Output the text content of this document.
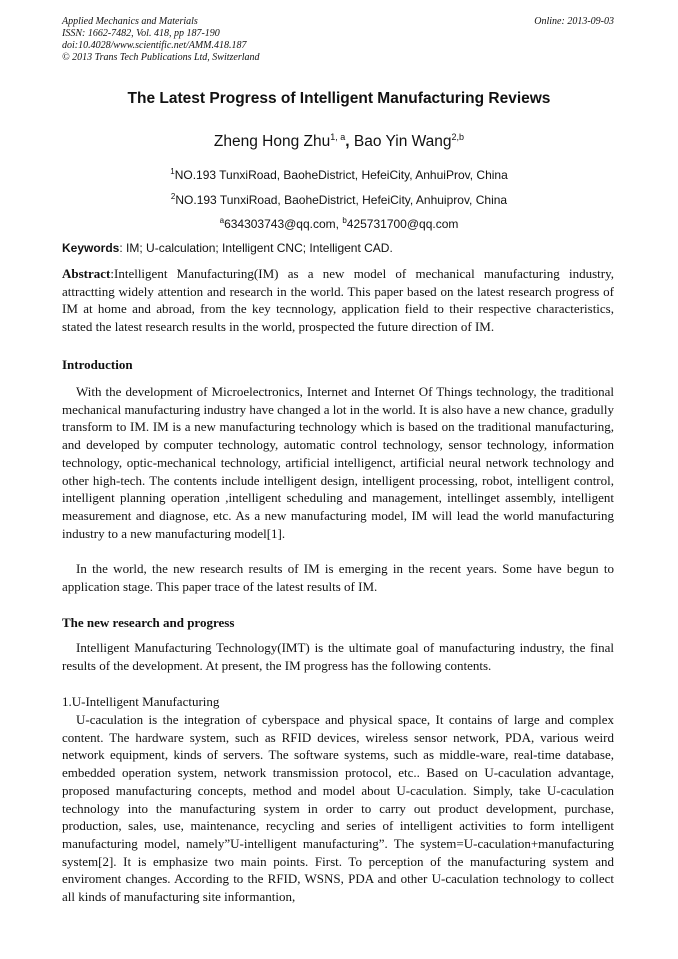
Applied Mechanics and Materials
ISSN: 1662-7482, Vol. 418, pp 187-190
doi:10.4028/www.scientific.net/AMM.418.187
© 2013 Trans Tech Publications Ltd, Switzerland
Online: 2013-09-03
The Latest Progress of Intelligent Manufacturing Reviews
Zheng Hong Zhu$^{1, a}$, Bao Yin Wang$^{2,b}$
$^1$NO.193 TunxiRoad, BaoheDistrict, HefeiCity, AnhuiProv, China
$^2$NO.193 TunxiRoad, BaoheDistrict, HefeiCity, Anhuiprov, China
$^a$634303743@qq.com, $^b$425731700@qq.com
Keywords: IM; U-calculation; Intelligent CNC; Intelligent CAD.
Abstract:Intelligent Manufacturing(IM) as a new model of mechanical manufacturing industry, attractting widely attention and research in the world. This paper based on the latest research progress of IM at home and abroad, from the key tecnnology, application field to their respective characteristics, stated the latest research results in the world, prospected the future direction of IM.
Introduction
With the development of Microelectronics, Internet and Internet Of Things technology, the traditional mechanical manufacturing industry have changed a lot in the world. It is also have a new chance, gradully transform to IM. IM is a new manufacturing technology which is based on the traditional manufacturing, and developed by computer technology, automatic control technology, sensor technology, information technology, optic-mechanical technology, artificial intelligenct, artificial neural network technology and other high-tech. The contents include intelligent design, intelligent processing, robot, intelligent control, intelligent planning operation ,intelligent scheduling and management, intellinget assembly, intelligent measurement and diagnose, etc. As a new manufacturing model, IM will lead the world manufacturing industry to a new manufacturing model[1].
In the world, the new research results of IM is emerging in the recent years. Some have begun to application stage. This paper trace of the latest results of IM.
The new research and progress
Intelligent Manufacturing Technology(IMT) is the ultimate goal of manufacturing industry, the final results of the development. At present, the IM progress has the following contents.
1.U-Intelligent Manufacturing
U-caculation is the integration of cyberspace and physical space, It contains of large and complex content. The hardware system, such as RFID devices, wireless sensor network, PDA, various weird network equipment, kinds of servers. The software systems, such as middle-ware, real-time database, embedded operation system, network transmission protocol, etc.. Based on U-caculation advantage, proposed manufacturing concepts, method and model about U-caculation. Simply, take U-caculation technology into the manufacturing system in order to carry out product development, purchase, production, sales, use, maintenance, recycling and series of intelligent activities to form intelligent manufacturing model, namely”U-intelligent manufacturing”. The system=U-caculation+manufacturing system[2]. It is emphasize two main points. First. To perception of the manufacturing system and enviroment changes. According to the RFID, WSNS, PDA and other U-caculation technology to collect all kinds of manufacturing site informantion,
